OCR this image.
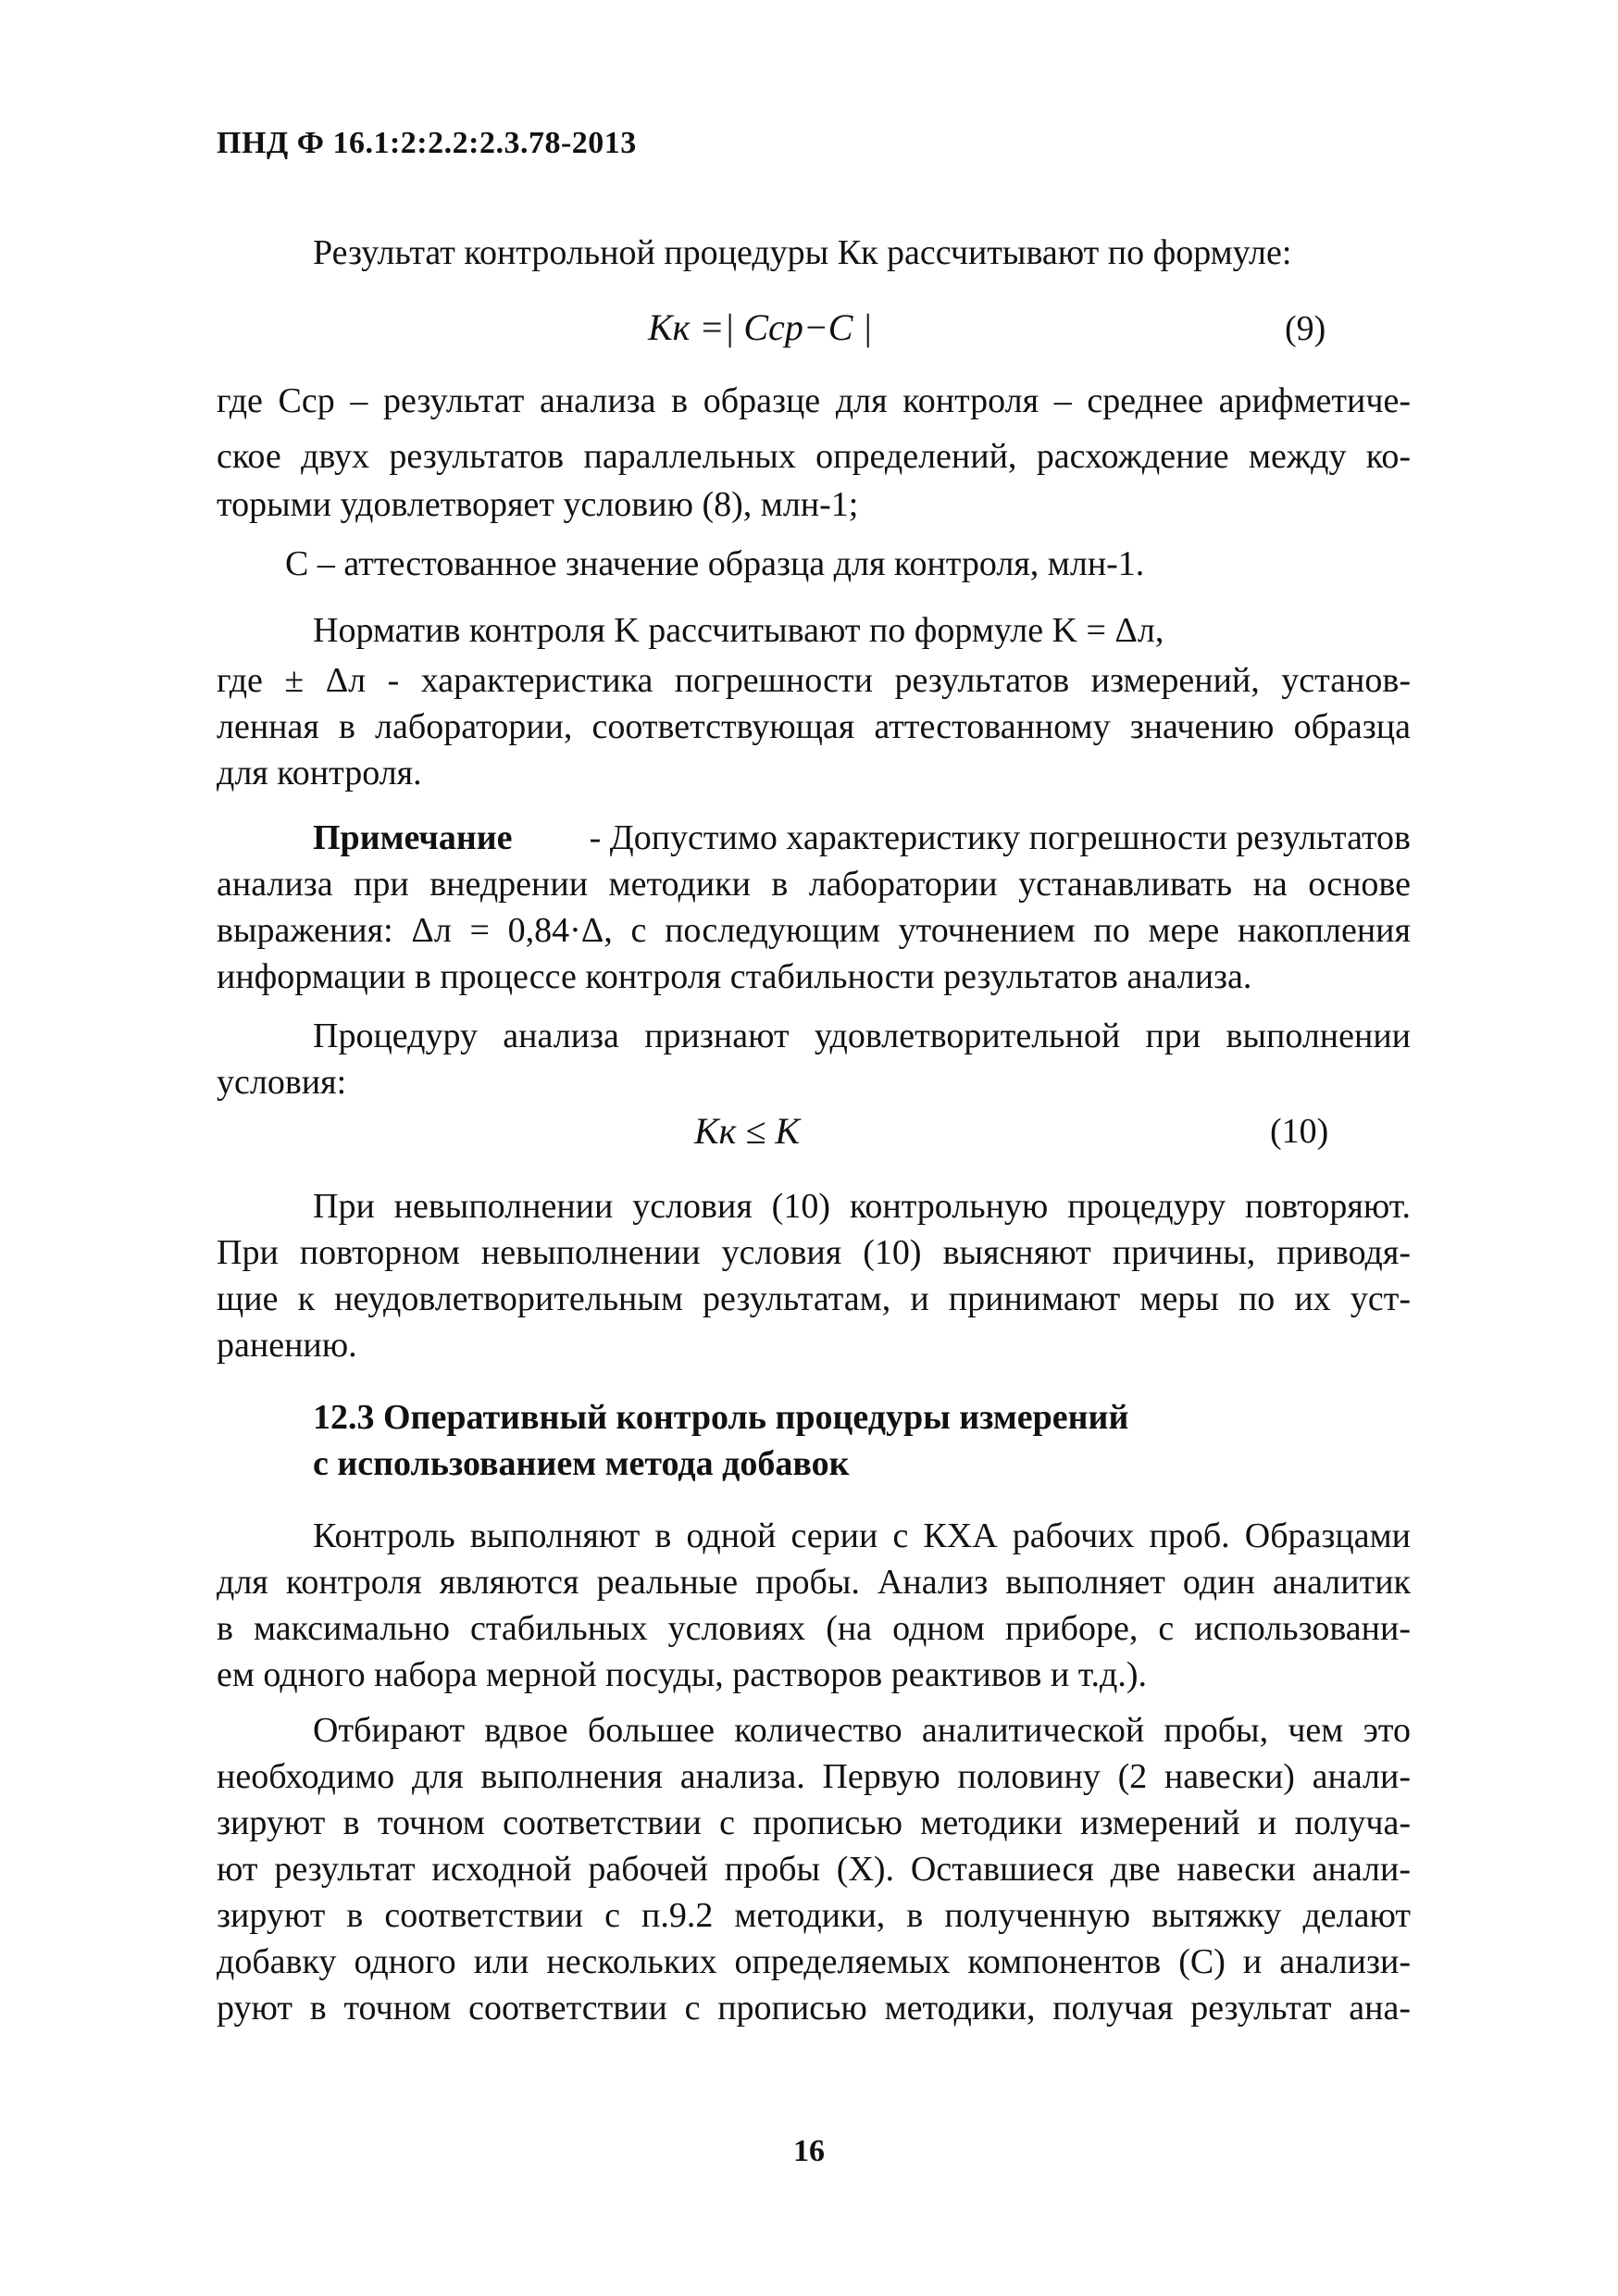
ПНД Ф 16.1:2:2.2:2.3.78-2013
Результат контрольной процедуры Кк рассчитывают по формуле:
Kк =| Cср−C |	(9)
где Cср – результат анализа в образце для контроля – среднее арифметиче-
ское двух результатов параллельных определений, расхождение между ко-
торыми удовлетворяет условию (8), млн-1;
C – аттестованное значение образца для контроля, млн-1.
Норматив контроля K рассчитывают по формуле K = Δл,
где ± Δл - характеристика погрешности результатов измерений, установ-
ленная в лаборатории, соответствующая аттестованному значению образца
для контроля.
Примечание - Допустимо характеристику погрешности результатов
анализа при внедрении методики в лаборатории устанавливать на основе
выражения: Δл = 0,84·Δ, с последующим уточнением по мере накопления
информации в процессе контроля стабильности результатов анализа.
Процедуру анализа признают удовлетворительной при выполнении
условия:
Kк ≤ K	(10)
При невыполнении условия (10) контрольную процедуру повторяют.
При повторном невыполнении условия (10) выясняют причины, приводя-
щие к неудовлетворительным результатам, и принимают меры по их уст-
ранению.
12.3 Оперативный контроль процедуры измерений
с использованием метода добавок
Контроль выполняют в одной серии с КХА рабочих проб. Образцами
для контроля являются реальные пробы. Анализ выполняет один аналитик
в максимально стабильных условиях (на одном приборе, с использовани-
ем одного набора мерной посуды, растворов реактивов и т.д.).
Отбирают вдвое большее количество аналитической пробы, чем это
необходимо для выполнения анализа. Первую половину (2 навески) анали-
зируют в точном соответствии с прописью методики измерений и получа-
ют результат исходной рабочей пробы (X). Оставшиеся две навески анали-
зируют в соответствии с п.9.2 методики, в полученную вытяжку делают
добавку одного или нескольких определяемых компонентов (C) и анализи-
руют в точном соответствии с прописью методики, получая результат ана-
16
